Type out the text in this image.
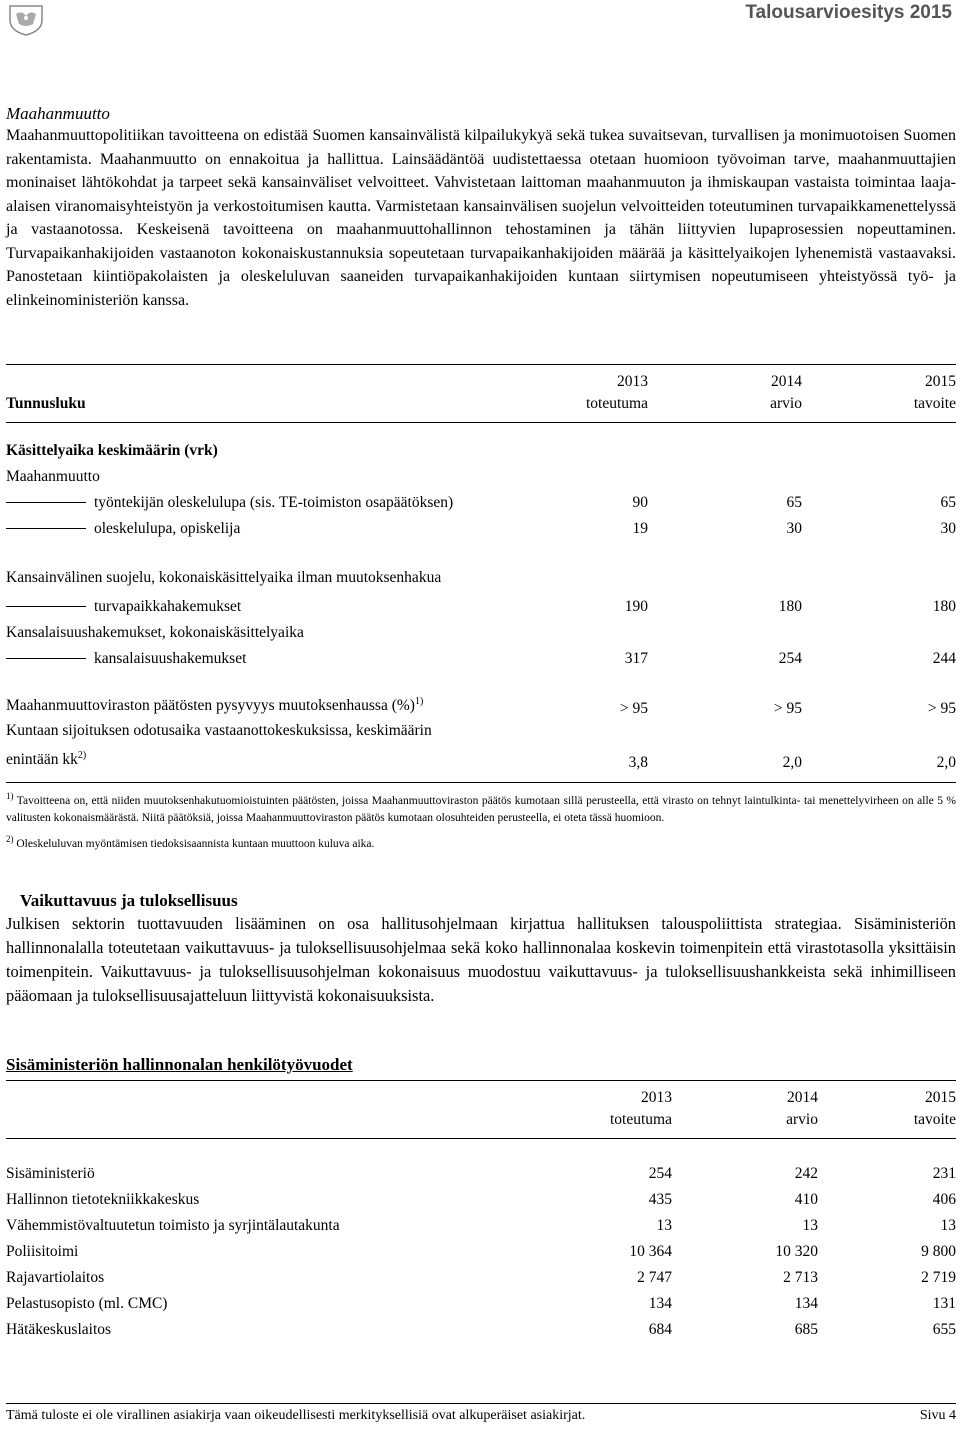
Talousarvioesitys 2015
Maahanmuutto

Maahanmuuttopolitiikan tavoitteena on edistää Suomen kansainvälistä kilpailukykyä sekä tukea suvaitsevan, turvallisen ja monimuotoisen Suomen rakentamista. Maahanmuutto on ennakoitua ja hallittua. Lainsäädäntöä uudistettaessa otetaan huomioon työvoiman tarve, maahanmuuttajien moninaiset lähtökohdat ja tarpeet sekä kansainväliset velvoitteet. Vahvistetaan laittoman maahanmuuton ja ihmiskaupan vastaista toimintaa laaja-alaisen viranomaisyhteistyön ja verkostoitumisen kautta. Varmistetaan kansainvälisen suojelun velvoitteiden toteutuminen turvapaikkamenettelyssä ja vastaanotossa. Keskeisenä tavoitteena on maahanmuuttohallinnon tehostaminen ja tähän liittyvien lupaprosessien nopeuttaminen. Turvapaikanhakijoiden vastaanoton kokonaiskustannuksia sopeutetaan turvapaikanhakijoiden määrää ja käsittelyaikojen lyhenemistä vastaavaksi. Panostetaan kiintiöpakolaisten ja oleskeluluvan saaneiden turvapaikanhakijoiden kuntaan siirtymisen nopeutumiseen yhteistyössä työ- ja elinkeinoministeriön kanssa.

	2013	2014	2015
Tunnusluku	toteutuma	arvio	tavoite
Käsittelyaika keskimäärin (vrk)			
Maahanmuutto			
työntekijän oleskelulupa (sis. TE-toimiston osapäätöksen)	90	65	65
oleskelulupa, opiskelija	19	30	30
Kansainvälinen suojelu, kokonaiskäsittelyaika ilman muutoksenhakua			
turvapaikkahakemukset	190	180	180
Kansalaisuushakemukset, kokonaiskäsittelyaika			
kansalaisuushakemukset	317	254	244
Maahanmuuttoviraston päätösten pysyvyys muutoksenhaussa (%)$^{1)}$	> 95	> 95	> 95
Kuntaan sijoituksen odotusaika vastaanottokeskuksissa, keskimäärin enintään $kk^{2)}$	3,8	2,0	2,0
$^{1)}$ Tavoitteena on, että niiden muutoksenhakutuomioistuinten päätösten, joissa Maahanmuuttoviraston päätös kumotaan sillä perusteella, että virasto on tehnyt laintulkinta- tai menettelyvirheen on alle 5 % valitusten kokonaismäärästä. Niitä päätöksiä, joissa Maahanmuuttoviraston päätös kumotaan olosuhteiden perusteella, ei oteta tässä huomioon.
$^{2)}$ Oleskeluluvan myöntämisen tiedoksisaannista kuntaan muuttoon kuluva aika.
Vaikuttavuus ja tuloksellisuus

Julkisen sektorin tuottavuuden lisääminen on osa hallitusohjelmaan kirjattua hallituksen talouspoliittista strategiaa. Sisäministeriön hallinnonalalla toteutetaan vaikuttavuus- ja tuloksellisuusohjelmaa sekä koko hallinnonalaa koskevin toimenpitein että virastotasolla yksittäisin toimenpitein. Vaikuttavuus- ja tuloksellisuusohjelman kokonaisuus muodostuu vaikuttavuus- ja tuloksellisuushankkeista sekä inhimilliseen pääomaan ja tuloksellisuusajatteluun liittyvistä kokonaisuuksista.

Sisäministeriön hallinnonalan henkilötyövuodet
	2013	2014	2015
	toteutuma	arvio	tavoite
Sisäministeriö	254	242	231
Hallinnon tietotekniikkakeskus	435	410	406
Vähemmistövaltuutetun toimisto ja syrjintälautakunta	13	13	13
Poliisitoimi	10 364	10 320	9 800
Rajavartiolaitos	2 747	2 713	2 719
Pelastusopisto (ml. CMC)	134	134	131
Hätäkeskuslaitos	684	685	655
Tämä tuloste ei ole virallinen asiakirja vaan oikeudellisesti merkityksellisiä ovat alkuperäiset asiakirjat.	Sivu 4
